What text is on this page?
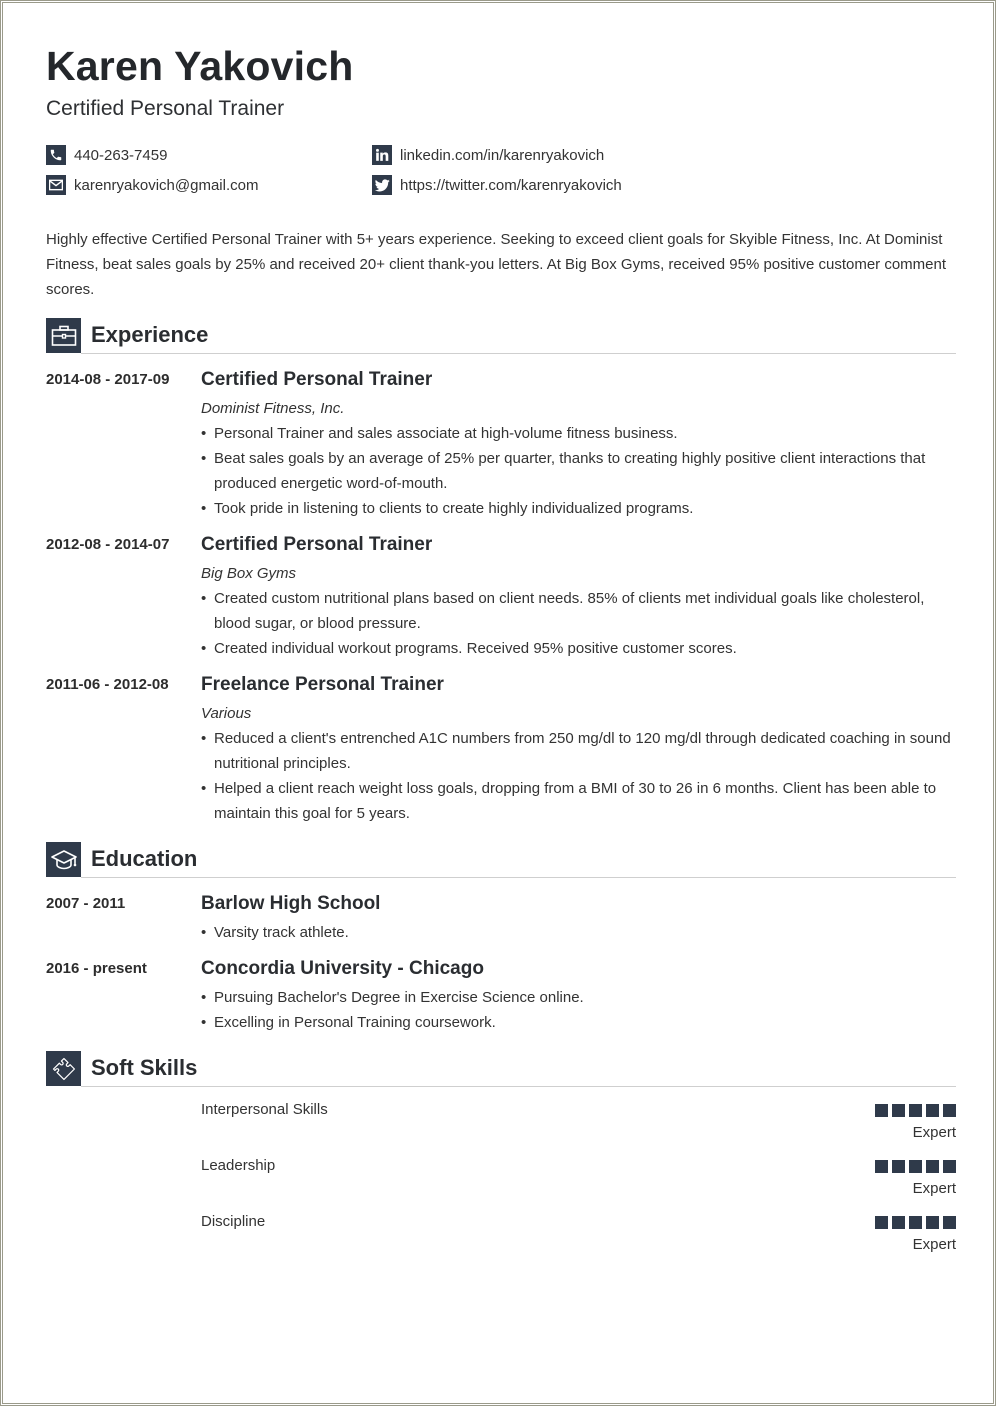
Karen Yakovich
Certified Personal Trainer
440-263-7459
karenryakovich@gmail.com
linkedin.com/in/karenryakovich
https://twitter.com/karenryakovich
Highly effective Certified Personal Trainer with 5+ years experience. Seeking to exceed client goals for Skyible Fitness, Inc. At Dominist Fitness, beat sales goals by 25% and received 20+ client thank-you letters. At Big Box Gyms, received 95% positive customer comment scores.
Experience
2014-08 - 2017-09 Certified Personal Trainer
Dominist Fitness, Inc.
• Personal Trainer and sales associate at high-volume fitness business.
• Beat sales goals by an average of 25% per quarter, thanks to creating highly positive client interactions that produced energetic word-of-mouth.
• Took pride in listening to clients to create highly individualized programs.
2012-08 - 2014-07 Certified Personal Trainer
Big Box Gyms
• Created custom nutritional plans based on client needs. 85% of clients met individual goals like cholesterol, blood sugar, or blood pressure.
• Created individual workout programs. Received 95% positive customer scores.
2011-06 - 2012-08 Freelance Personal Trainer
Various
• Reduced a client's entrenched A1C numbers from 250 mg/dl to 120 mg/dl through dedicated coaching in sound nutritional principles.
• Helped a client reach weight loss goals, dropping from a BMI of 30 to 26 in 6 months. Client has been able to maintain this goal for 5 years.
Education
2007 - 2011	Barlow High School
• Varsity track athlete.
2016 - present	Concordia University - Chicago
• Pursuing Bachelor's Degree in Exercise Science online.
• Excelling in Personal Training coursework.
Soft Skills
Interpersonal Skills
Expert
Leadership
Expert
Discipline
Expert
